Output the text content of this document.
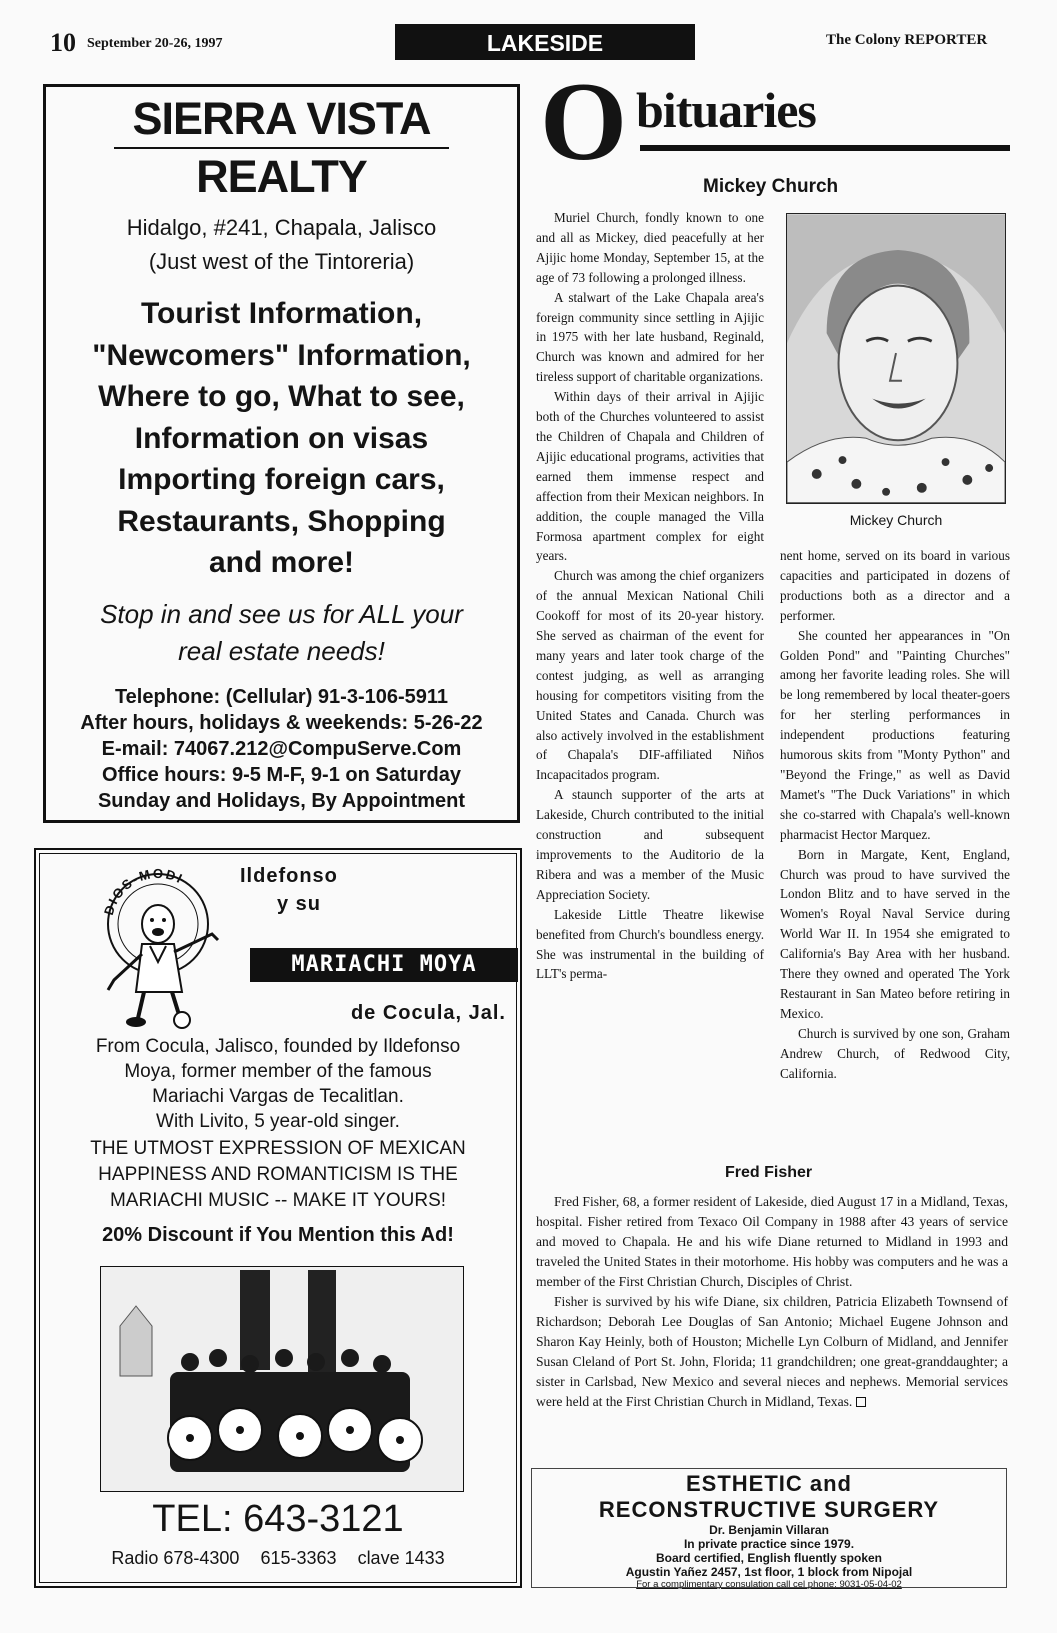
10 September 20-26, 1997	LAKESIDE	The Colony REPORTER
SIERRA VISTA
REALTY
Hidalgo, #241, Chapala, Jalisco
(Just west of the Tintoreria)
Tourist Information,
"Newcomers" Information,
Where to go, What to see,
Information on visas
Importing foreign cars,
Restaurants, Shopping
and more!
Stop in and see us for ALL your
real estate needs!
Telephone: (Cellular) 91-3-106-5911
After hours, holidays & weekends: 5-26-22
E-mail: 74067.212@CompuServe.Com
Office hours: 9-5 M-F, 9-1 on Saturday
Sunday and Holidays, By Appointment
DIOS-MODI	Ildefonso
y su
MARIACHI MOYA
de Cocula, Jal.
From Cocula, Jalisco, founded by Ildefonso
Moya, former member of the famous
Mariachi Vargas de Tecalitlan.
With Livito, 5 year-old singer.
THE UTMOST EXPRESSION OF MEXICAN
HAPPINESS AND ROMANTICISM IS THE
MARIACHI MUSIC -- MAKE IT YOURS!
20% Discount if You Mention this Ad!
TEL: 643-3121
Radio 678-4300 615-3363 clave 1433
O bituaries
Mickey Church

Muriel Church, fondly known to one and all as Mickey, died peacefully at her Ajijic home Monday, September 15, at the age of 73 following a prolonged illness.

A stalwart of the Lake Chapala area's foreign community since settling in Ajijic in 1975 with her late husband, Reginald, Church was known and admired for her tireless support of charitable organizations.

Within days of their arrival in Ajijic both of the Churches volunteered to assist the Children of Chapala and Children of Ajijic educational programs, activities that earned them immense respect and affection from their Mexican neighbors. In addition, the couple managed the Villa Formosa apartment complex for eight years.

Church was among the chief organizers of the annual Mexican National Chili Cookoff for most of its 20-year history. She served as chairman of the event for many years and later took charge of the contest judging, as well as arranging housing for competitors visiting from the United States and Canada. Church was also actively involved in the establishment of Chapala's DIF-affiliated Niños Incapacitados program.

A staunch supporter of the arts at Lakeside, Church contributed to the initial construction and subsequent improvements to the Auditorio de la Ribera and was a member of the Music Appreciation Society.

Lakeside Little Theatre likewise benefited from Church's boundless energy. She was instrumental in the building of LLT's perma-

Mickey Church

nent home, served on its board in various capacities and participated in dozens of productions both as a director and a performer.

She counted her appearances in "On Golden Pond" and "Painting Churches" among her favorite leading roles. She will be long remembered by local theater-goers for her sterling performances in independent productions featuring humorous skits from "Monty Python" and "Beyond the Fringe," as well as David Mamet's "The Duck Variations" in which she co-starred with Chapala's well-known pharmacist Hector Marquez.

Born in Margate, Kent, England, Church was proud to have survived the London Blitz and to have served in the Women's Royal Naval Service during World War II. In 1954 she emigrated to California's Bay Area with her husband. There they owned and operated The York Restaurant in San Mateo before retiring in Mexico.

Church is survived by one son, Graham Andrew Church, of Redwood City, California.

Fred Fisher

Fred Fisher, 68, a former resident of Lakeside, died August 17 in a Midland, Texas, hospital. Fisher retired from Texaco Oil Company in 1988 after 43 years of service and moved to Chapala. He and his wife Diane returned to Midland in 1993 and traveled the United States in their motorhome. His hobby was computers and he was a member of the First Christian Church, Disciples of Christ.

Fisher is survived by his wife Diane, six children, Patricia Elizabeth Townsend of Richardson; Deborah Lee Douglas of San Antonio; Michael Eugene Johnson and Sharon Kay Heinly, both of Houston; Michelle Lyn Colburn of Midland, and Jennifer Susan Cleland of Port St. John, Florida; 11 grandchildren; one great-granddaughter; a sister in Carlsbad, New Mexico and several nieces and nephews. Memorial services were held at the First Christian Church in Midland, Texas.

ESTHETIC and
RECONSTRUCTIVE SURGERY
Dr. Benjamin Villaran
In private practice since 1979.
Board certified, English fluently spoken
Agustin Yañez 2457, 1st floor, 1 block from Nipojal
For a complimentary consulation call cel phone: 9031-05-04-02
